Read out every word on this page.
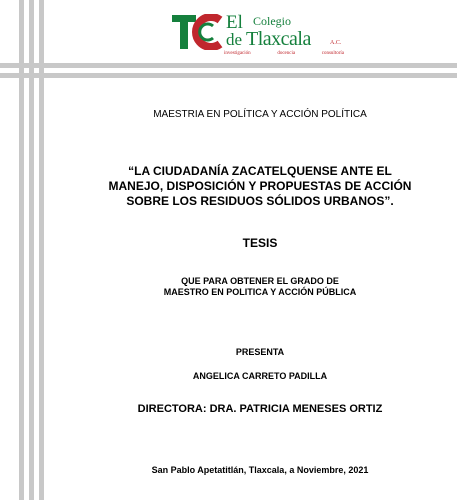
El Colegio
de Tlaxcala	A.C.
investigación	docencia	consultoría
MAESTRIA EN POLÍTICA Y ACCIÓN POLÍTICA
“LA CIUDADANÍA ZACATELQUENSE ANTE EL
MANEJO, DISPOSICIÓN Y PROPUESTAS DE ACCIÓN
SOBRE LOS RESIDUOS SÓLIDOS URBANOS”.
TESIS
QUE PARA OBTENER EL GRADO DE
MAESTRO EN POLITICA Y ACCIÓN PÚBLICA
PRESENTA
ANGELICA CARRETO PADILLA
DIRECTORA: DRA. PATRICIA MENESES ORTIZ
San Pablo Apetatitlán, Tlaxcala, a Noviembre, 2021
